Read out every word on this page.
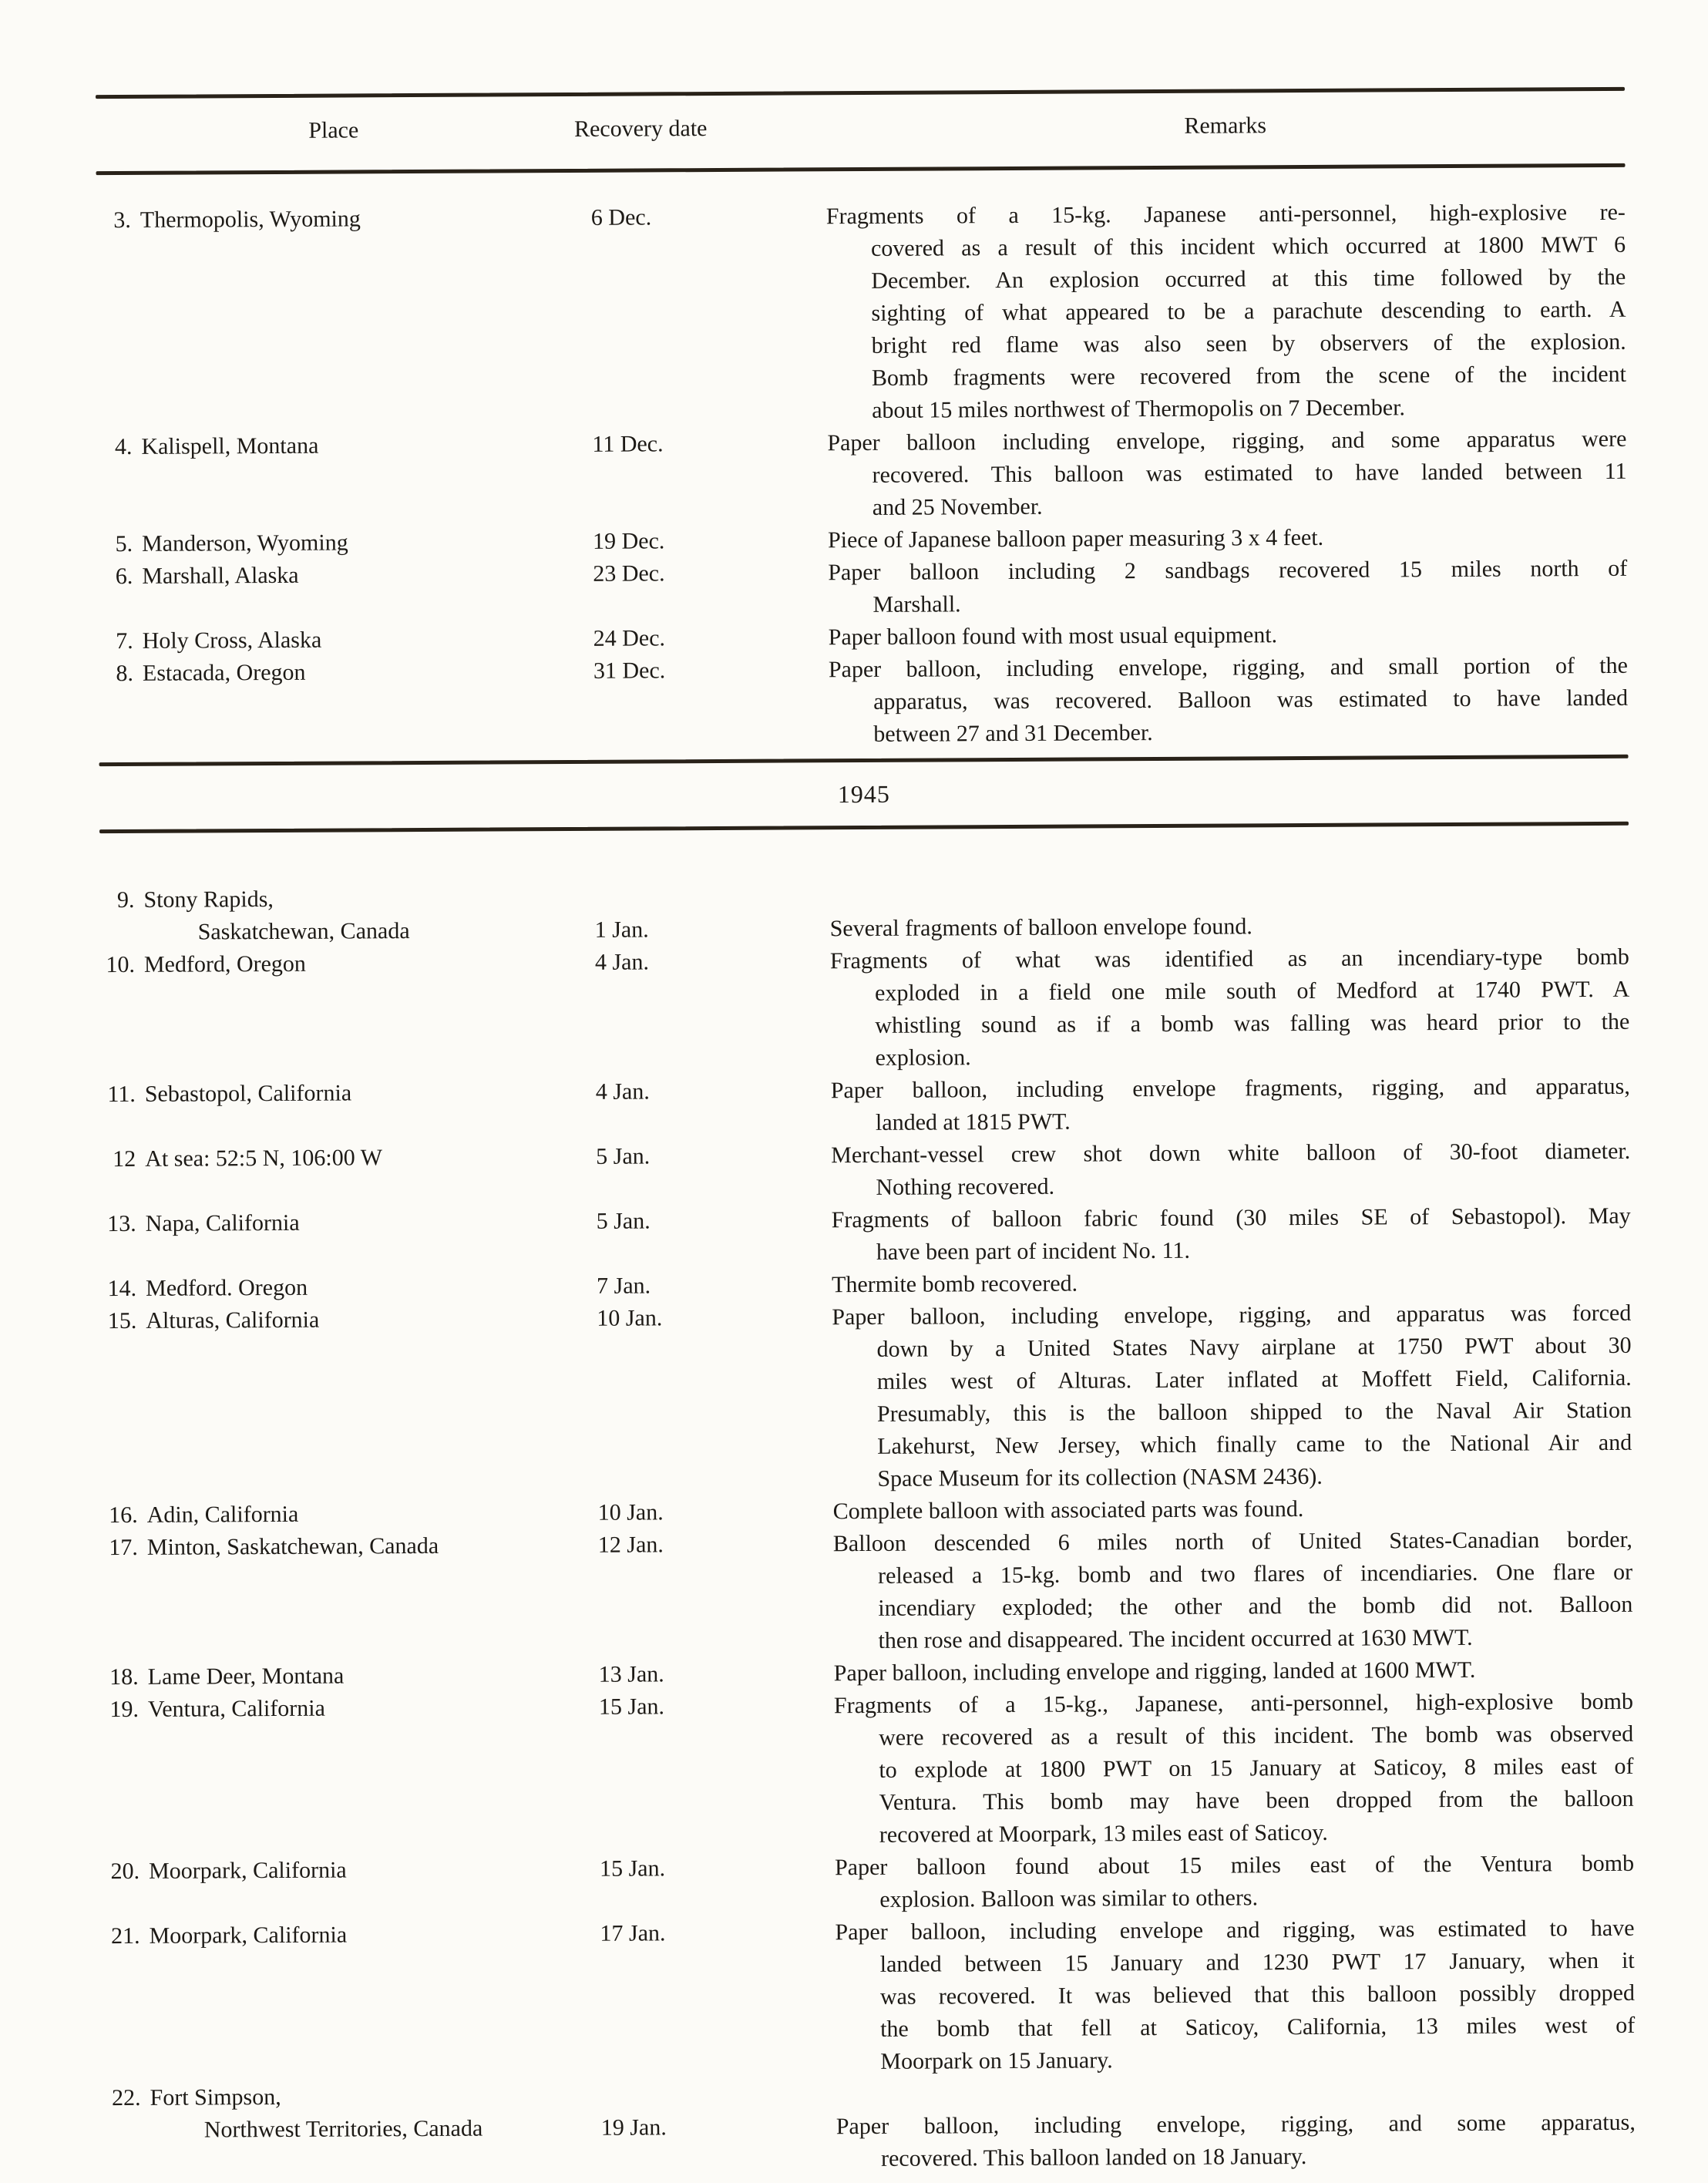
Place	Recovery date	Remarks
3. Thermopolis, Wyoming	6 Dec.	Fragments of a 15-kg. Japanese anti-personnel, high-explosive re-
covered as a result of this incident which occurred at 1800 MWT 6
December. An explosion occurred at this time followed by the
sighting of what appeared to be a parachute descending to earth. A
bright red flame was also seen by observers of the explosion.
Bomb fragments were recovered from the scene of the incident
about 15 miles northwest of Thermopolis on 7 December.
4. Kalispell, Montana	11 Dec.	Paper balloon including envelope, rigging, and some apparatus were
recovered. This balloon was estimated to have landed between 11
and 25 November.
5. Manderson, Wyoming	19 Dec.	Piece of Japanese balloon paper measuring 3 x 4 feet.
6. Marshall, Alaska	23 Dec.	Paper balloon including 2 sandbags recovered 15 miles north of
Marshall.
7. Holy Cross, Alaska	24 Dec.	Paper balloon found with most usual equipment.
8. Estacada, Oregon	31 Dec.	Paper balloon, including envelope, rigging, and small portion of the
apparatus, was recovered. Balloon was estimated to have landed
between 27 and 31 December.
1945
9. Stony Rapids,
Saskatchewan, Canada	1 Jan.	Several fragments of balloon envelope found.
10. Medford, Oregon	4 Jan.	Fragments of what was identified as an incendiary-type bomb
exploded in a field one mile south of Medford at 1740 PWT. A
whistling sound as if a bomb was falling was heard prior to the
explosion.
11. Sebastopol, California	4 Jan.	Paper balloon, including envelope fragments, rigging, and apparatus,
landed at 1815 PWT.
12 At sea: 52:5 N, 106:00 W	5 Jan.	Merchant-vessel crew shot down white balloon of 30-foot diameter.
Nothing recovered.
13. Napa, California	5 Jan.	Fragments of balloon fabric found (30 miles SE of Sebastopol). May
have been part of incident No. 11.
14. Medford. Oregon	7 Jan.	Thermite bomb recovered.
15. Alturas, California	10 Jan.	Paper balloon, including envelope, rigging, and apparatus was forced
down by a United States Navy airplane at 1750 PWT about 30
miles west of Alturas. Later inflated at Moffett Field, California.
Presumably, this is the balloon shipped to the Naval Air Station
Lakehurst, New Jersey, which finally came to the National Air and
Space Museum for its collection (NASM 2436).
16. Adin, California	10 Jan.	Complete balloon with associated parts was found.
17. Minton, Saskatchewan, Canada	12 Jan.	Balloon descended 6 miles north of United States-Canadian border,
released a 15-kg. bomb and two flares of incendiaries. One flare or
incendiary exploded; the other and the bomb did not. Balloon
then rose and disappeared. The incident occurred at 1630 MWT.
18. Lame Deer, Montana	13 Jan.	Paper balloon, including envelope and rigging, landed at 1600 MWT.
19. Ventura, California	15 Jan.	Fragments of a 15-kg., Japanese, anti-personnel, high-explosive bomb
were recovered as a result of this incident. The bomb was observed
to explode at 1800 PWT on 15 January at Saticoy, 8 miles east of
Ventura. This bomb may have been dropped from the balloon
recovered at Moorpark, 13 miles east of Saticoy.
20. Moorpark, California	15 Jan.	Paper balloon found about 15 miles east of the Ventura bomb
explosion. Balloon was similar to others.
21. Moorpark, California	17 Jan.	Paper balloon, including envelope and rigging, was estimated to have
landed between 15 January and 1230 PWT 17 January, when it
was recovered. It was believed that this balloon possibly dropped
the bomb that fell at Saticoy, California, 13 miles west of
Moorpark on 15 January.
22. Fort Simpson,
Northwest Territories, Canada	19 Jan.	Paper balloon, including envelope, rigging, and some apparatus,
recovered. This balloon landed on 18 January.
